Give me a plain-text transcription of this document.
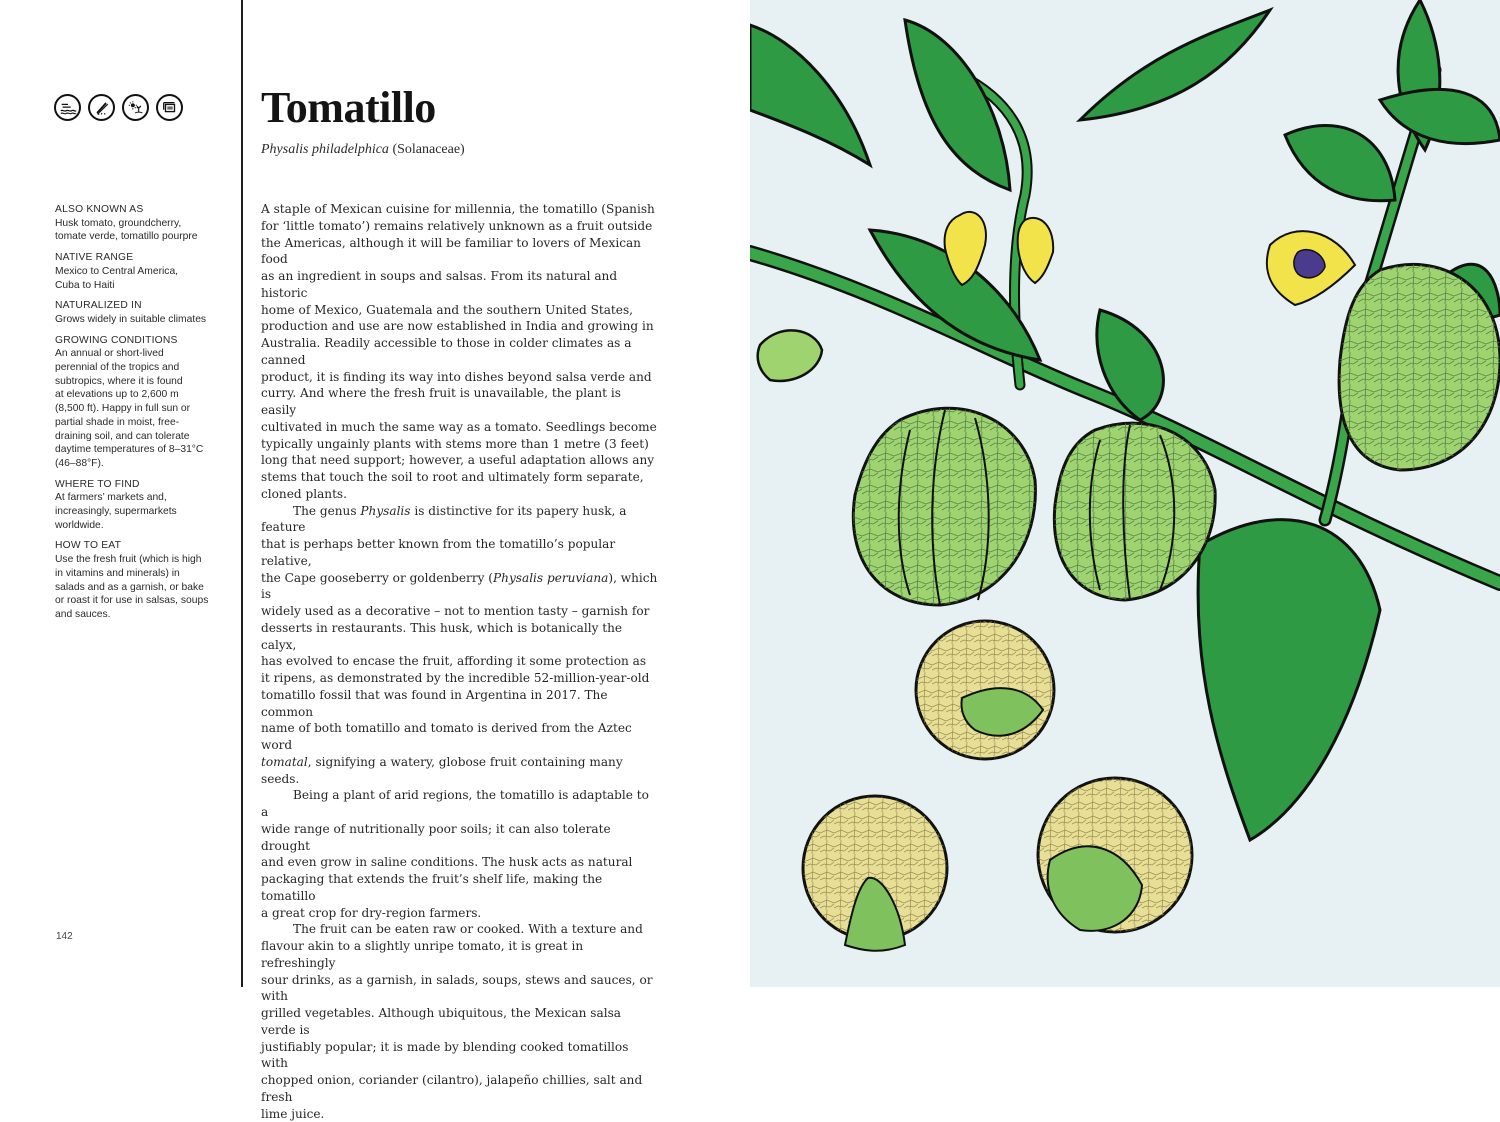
ALSO KNOWN AS
Husk tomato, groundcherry,
tomate verde, tomatillo pourpre
NATIVE RANGE
Mexico to Central America,
Cuba to Haiti
NATURALIZED IN
Grows widely in suitable climates
GROWING CONDITIONS
An annual or short-lived
perennial of the tropics and
subtropics, where it is found
at elevations up to 2,600 m
(8,500 ft). Happy in full sun or
partial shade in moist, free-
draining soil, and can tolerate
daytime temperatures of 8–31°C
(46–88°F).
WHERE TO FIND
At farmers’ markets and,
increasingly, supermarkets
worldwide.
HOW TO EAT
Use the fresh fruit (which is high
in vitamins and minerals) in
salads and as a garnish, or bake
or roast it for use in salsas, soups
and sauces.
142
Tomatillo
Physalis philadelphica (Solanaceae)

A staple of Mexican cuisine for millennia, the tomatillo (Spanish
for ‘little tomato’) remains relatively unknown as a fruit outside
the Americas, although it will be familiar to lovers of Mexican food
as an ingredient in soups and salsas. From its natural and historic
home of Mexico, Guatemala and the southern United States,
production and use are now established in India and growing in
Australia. Readily accessible to those in colder climates as a canned
product, it is finding its way into dishes beyond salsa verde and
curry. And where the fresh fruit is unavailable, the plant is easily
cultivated in much the same way as a tomato. Seedlings become
typically ungainly plants with stems more than 1 metre (3 feet)
long that need support; however, a useful adaptation allows any
stems that touch the soil to root and ultimately form separate,
cloned plants.

The genus Physalis is distinctive for its papery husk, a feature
that is perhaps better known from the tomatillo’s popular relative,
the Cape gooseberry or goldenberry (Physalis peruviana), which is
widely used as a decorative – not to mention tasty – garnish for
desserts in restaurants. This husk, which is botanically the calyx,
has evolved to encase the fruit, affording it some protection as
it ripens, as demonstrated by the incredible 52-million-year-old
tomatillo fossil that was found in Argentina in 2017. The common
name of both tomatillo and tomato is derived from the Aztec word
tomatal, signifying a watery, globose fruit containing many seeds.

Being a plant of arid regions, the tomatillo is adaptable to a
wide range of nutritionally poor soils; it can also tolerate drought
and even grow in saline conditions. The husk acts as natural
packaging that extends the fruit’s shelf life, making the tomatillo
a great crop for dry-region farmers.

The fruit can be eaten raw or cooked. With a texture and
flavour akin to a slightly unripe tomato, it is great in refreshingly
sour drinks, as a garnish, in salads, soups, stews and sauces, or with
grilled vegetables. Although ubiquitous, the Mexican salsa verde is
justifiably popular; it is made by blending cooked tomatillos with
chopped onion, coriander (cilantro), jalapeño chillies, salt and fresh
lime juice.
